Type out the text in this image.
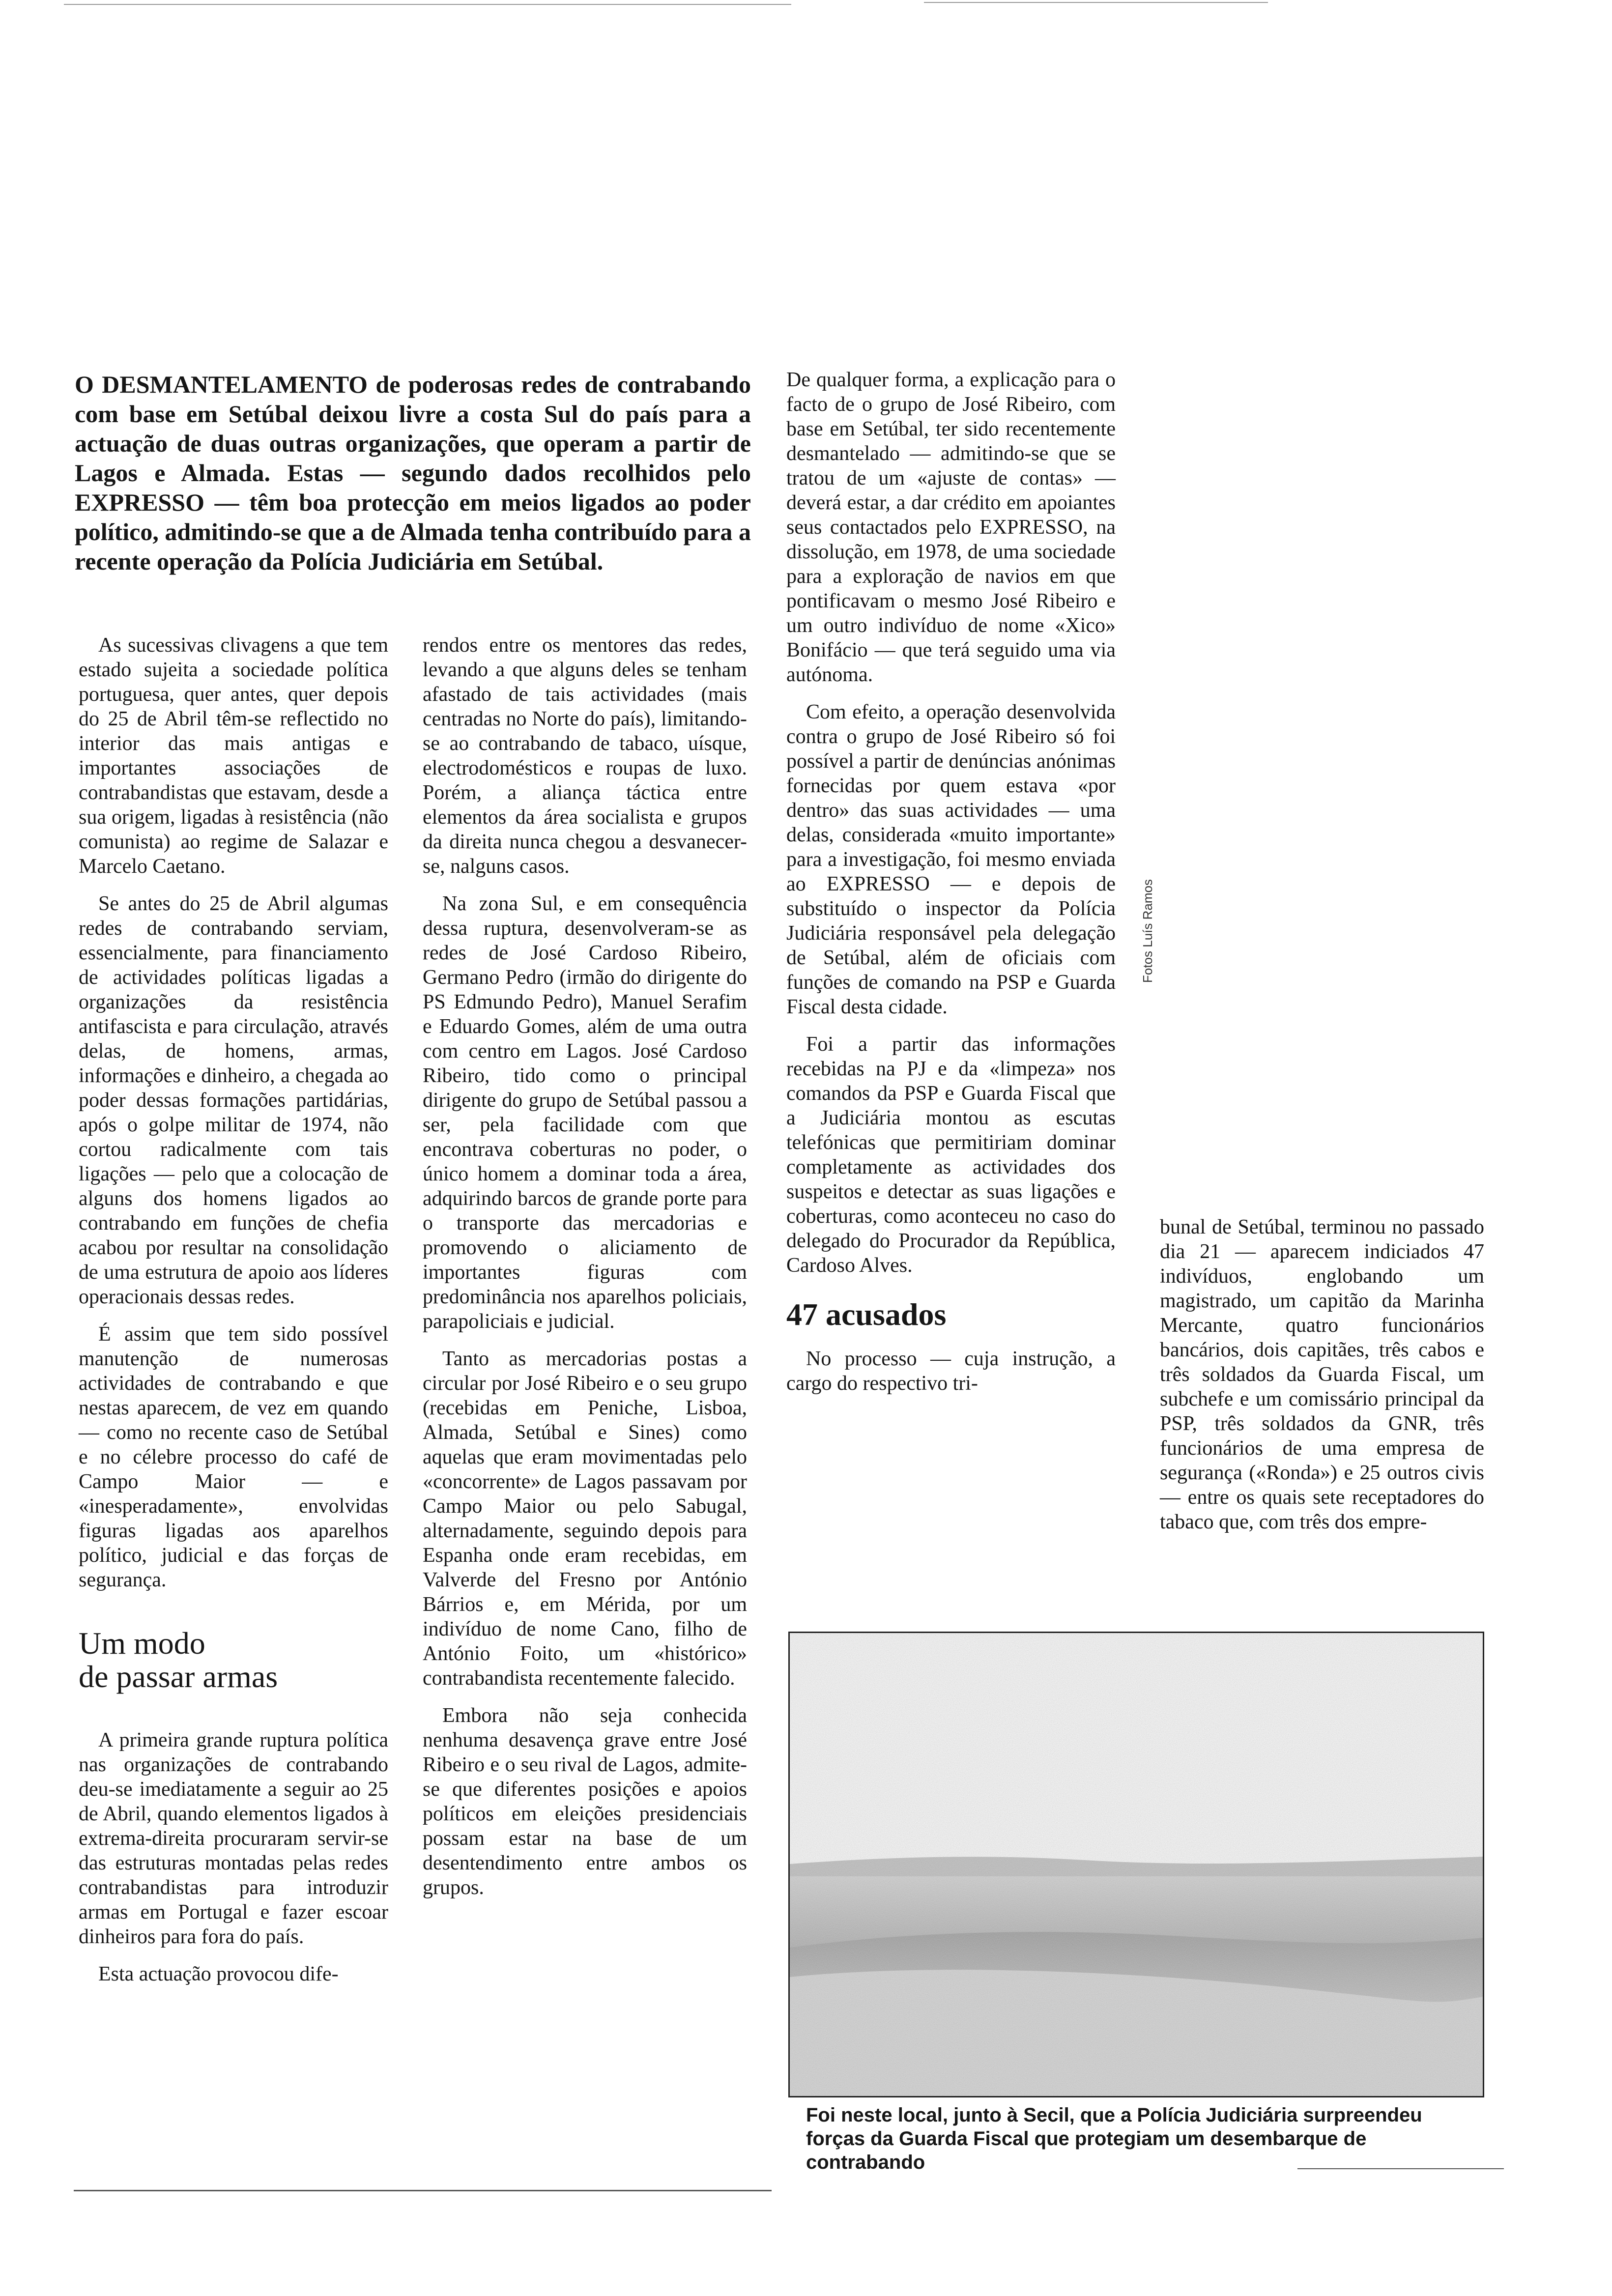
O DESMANTELAMENTO de poderosas redes de contrabando com base em Setúbal deixou livre a costa Sul do país para a actuação de duas outras organizações, que operam a partir de Lagos e Almada. Estas — segundo dados recolhidos pelo EXPRESSO — têm boa protecção em meios ligados ao poder político, admitindo-se que a de Almada tenha contribuído para a recente operação da Polícia Judiciária em Setúbal.

As sucessivas clivagens a que tem estado sujeita a sociedade política portuguesa, quer antes, quer depois do 25 de Abril têm-se reflectido no interior das mais antigas e importantes associações de contrabandistas que estavam, desde a sua origem, ligadas à resistência (não comunista) ao regime de Salazar e Marcelo Caetano.

Se antes do 25 de Abril algumas redes de contrabando serviam, essencialmente, para financiamento de actividades políticas ligadas a organizações da resistência antifascista e para circulação, através delas, de homens, armas, informações e dinheiro, a chegada ao poder dessas formações partidárias, após o golpe militar de 1974, não cortou radicalmente com tais ligações — pelo que a colocação de alguns dos homens ligados ao contrabando em funções de chefia acabou por resultar na consolidação de uma estrutura de apoio aos líderes operacionais dessas redes.

É assim que tem sido possível manutenção de numerosas actividades de contrabando e que nestas aparecem, de vez em quando — como no recente caso de Setúbal e no célebre processo do café de Campo Maior — e «inesperadamente», envolvidas figuras ligadas aos aparelhos político, judicial e das forças de segurança.

Um modo
de passar armas

A primeira grande ruptura política nas organizações de contrabando deu-se imediatamente a seguir ao 25 de Abril, quando elementos ligados à extrema-direita procuraram servir-se das estruturas montadas pelas redes contrabandistas para introduzir armas em Portugal e fazer escoar dinheiros para fora do país.

Esta actuação provocou dife-

rendos entre os mentores das redes, levando a que alguns deles se tenham afastado de tais actividades (mais centradas no Norte do país), limitando-se ao contrabando de tabaco, uísque, electrodomésticos e roupas de luxo. Porém, a aliança táctica entre elementos da área socialista e grupos da direita nunca chegou a desvanecer-se, nalguns casos.

Na zona Sul, e em consequência dessa ruptura, desenvolveram-se as redes de José Cardoso Ribeiro, Germano Pedro (irmão do dirigente do PS Edmundo Pedro), Manuel Serafim e Eduardo Gomes, além de uma outra com centro em Lagos. José Cardoso Ribeiro, tido como o principal dirigente do grupo de Setúbal passou a ser, pela facilidade com que encontrava coberturas no poder, o único homem a dominar toda a área, adquirindo barcos de grande porte para o transporte das mercadorias e promovendo o aliciamento de importantes figuras com predominância nos aparelhos policiais, parapoliciais e judicial.

Tanto as mercadorias postas a circular por José Ribeiro e o seu grupo (recebidas em Peniche, Lisboa, Almada, Setúbal e Sines) como aquelas que eram movimentadas pelo «concorrente» de Lagos passavam por Campo Maior ou pelo Sabugal, alternadamente, seguindo depois para Espanha onde eram recebidas, em Valverde del Fresno por António Bárrios e, em Mérida, por um indivíduo de nome Cano, filho de António Foito, um «histórico» contrabandista recentemente falecido.

Embora não seja conhecida nenhuma desavença grave entre José Ribeiro e o seu rival de Lagos, admite-se que diferentes posições e apoios políticos em eleições presidenciais possam estar na base de um desentendimento entre ambos os grupos.

De qualquer forma, a explicação para o facto de o grupo de José Ribeiro, com base em Setúbal, ter sido recentemente desmantelado — admitindo-se que se tratou de um «ajuste de contas» — deverá estar, a dar crédito em apoiantes seus contactados pelo EXPRESSO, na dissolução, em 1978, de uma sociedade para a exploração de navios em que pontificavam o mesmo José Ribeiro e um outro indivíduo de nome «Xico» Bonifácio — que terá seguido uma via autónoma.

Com efeito, a operação desenvolvida contra o grupo de José Ribeiro só foi possível a partir de denúncias anónimas fornecidas por quem estava «por dentro» das suas actividades — uma delas, considerada «muito importante» para a investigação, foi mesmo enviada ao EXPRESSO — e depois de substituído o inspector da Polícia Judiciária responsável pela delegação de Setúbal, além de oficiais com funções de comando na PSP e Guarda Fiscal desta cidade.

Foi a partir das informações recebidas na PJ e da «limpeza» nos comandos da PSP e Guarda Fiscal que a Judiciária montou as escutas telefónicas que permitiriam dominar completamente as actividades dos suspeitos e detectar as suas ligações e coberturas, como aconteceu no caso do delegado do Procurador da República, Cardoso Alves.

47 acusados

No processo — cuja instrução, a cargo do respectivo tri-

Fotos Luís Ramos

bunal de Setúbal, terminou no passado dia 21 — aparecem indiciados 47 indivíduos, englobando um magistrado, um capitão da Marinha Mercante, quatro funcionários bancários, dois capitães, três cabos e três soldados da Guarda Fiscal, um subchefe e um comissário principal da PSP, três soldados da GNR, três funcionários de uma empresa de segurança («Ronda») e 25 outros civis — entre os quais sete receptadores do tabaco que, com três dos empre-

Foi neste local, junto à Secil, que a Polícia Judiciária surpreendeu forças da Guarda Fiscal que protegiam um desembarque de contrabando
